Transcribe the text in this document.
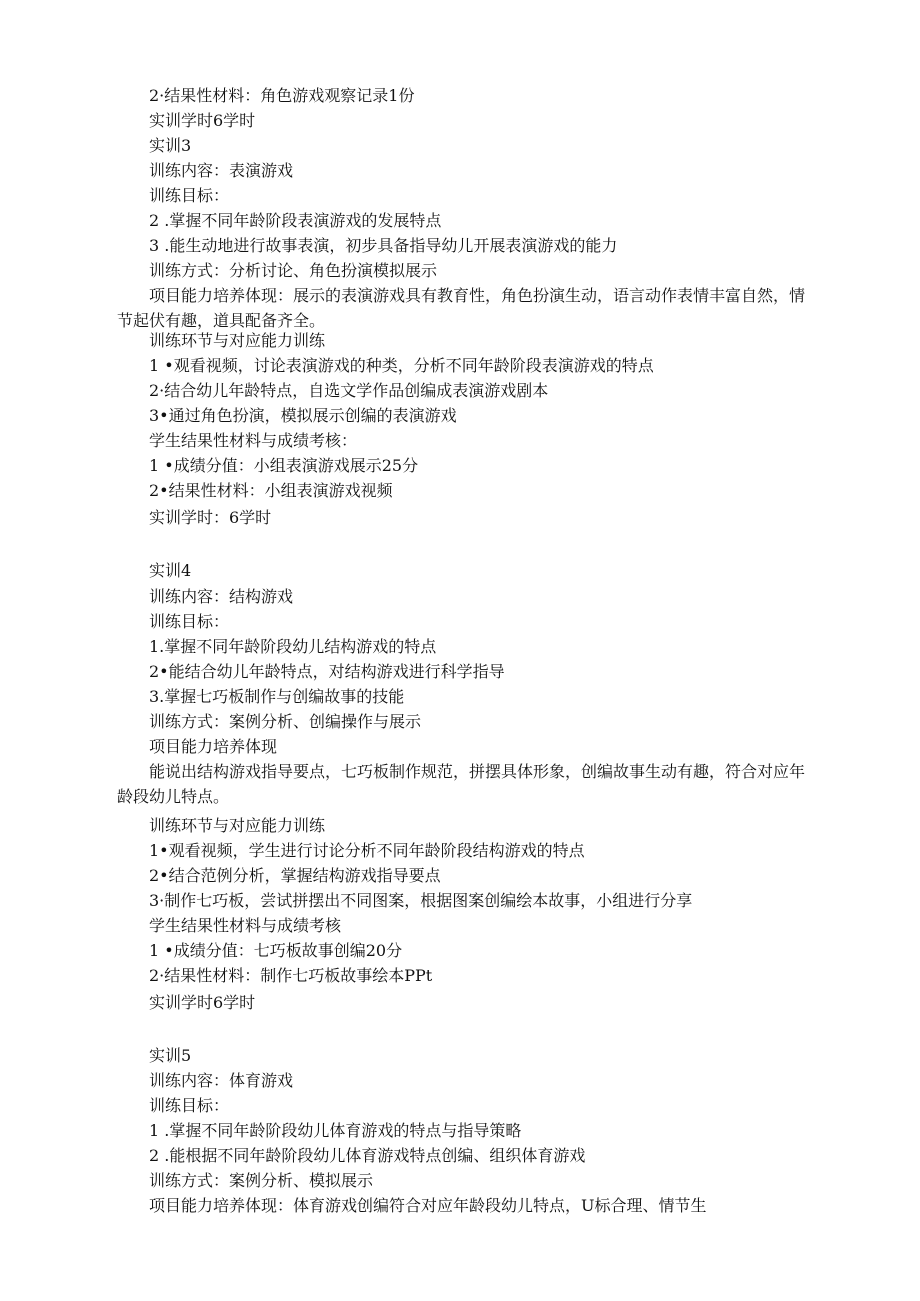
2·结果性材料：角色游戏观察记录1份
实训学时6学时
实训3
训练内容：表演游戏
训练目标：
2 .掌握不同年龄阶段表演游戏的发展特点
3 .能生动地进行故事表演，初步具备指导幼儿开展表演游戏的能力
训练方式：分析讨论、角色扮演模拟展示
项目能力培养体现：展示的表演游戏具有教育性，角色扮演生动，语言动作表情丰富自然，情节起伏有趣，道具配备齐全。
训练环节与对应能力训练
1 •观看视频，讨论表演游戏的种类，分析不同年龄阶段表演游戏的特点
2·结合幼儿年龄特点，自选文学作品创编成表演游戏剧本
3•通过角色扮演，模拟展示创编的表演游戏
学生结果性材料与成绩考核：
1 •成绩分值：小组表演游戏展示25分
2•结果性材料：小组表演游戏视频
实训学时：6学时
实训4
训练内容：结构游戏
训练目标：
1.掌握不同年龄阶段幼儿结构游戏的特点
2•能结合幼儿年龄特点，对结构游戏进行科学指导
3.掌握七巧板制作与创编故事的技能
训练方式：案例分析、创编操作与展示
项目能力培养体现
能说出结构游戏指导要点，七巧板制作规范，拼摆具体形象，创编故事生动有趣，符合对应年龄段幼儿特点。
训练环节与对应能力训练
1•观看视频，学生进行讨论分析不同年龄阶段结构游戏的特点
2•结合范例分析，掌握结构游戏指导要点
3·制作七巧板，尝试拼摆出不同图案，根据图案创编绘本故事，小组进行分享
学生结果性材料与成绩考核
1 •成绩分值：七巧板故事创编20分
2·结果性材料：制作七巧板故事绘本PPt
实训学时6学时
实训5
训练内容：体育游戏
训练目标：
1 .掌握不同年龄阶段幼儿体育游戏的特点与指导策略
2 .能根据不同年龄阶段幼儿体育游戏特点创编、组织体育游戏
训练方式：案例分析、模拟展示
项目能力培养体现：体育游戏创编符合对应年龄段幼儿特点，U标合理、情节生
